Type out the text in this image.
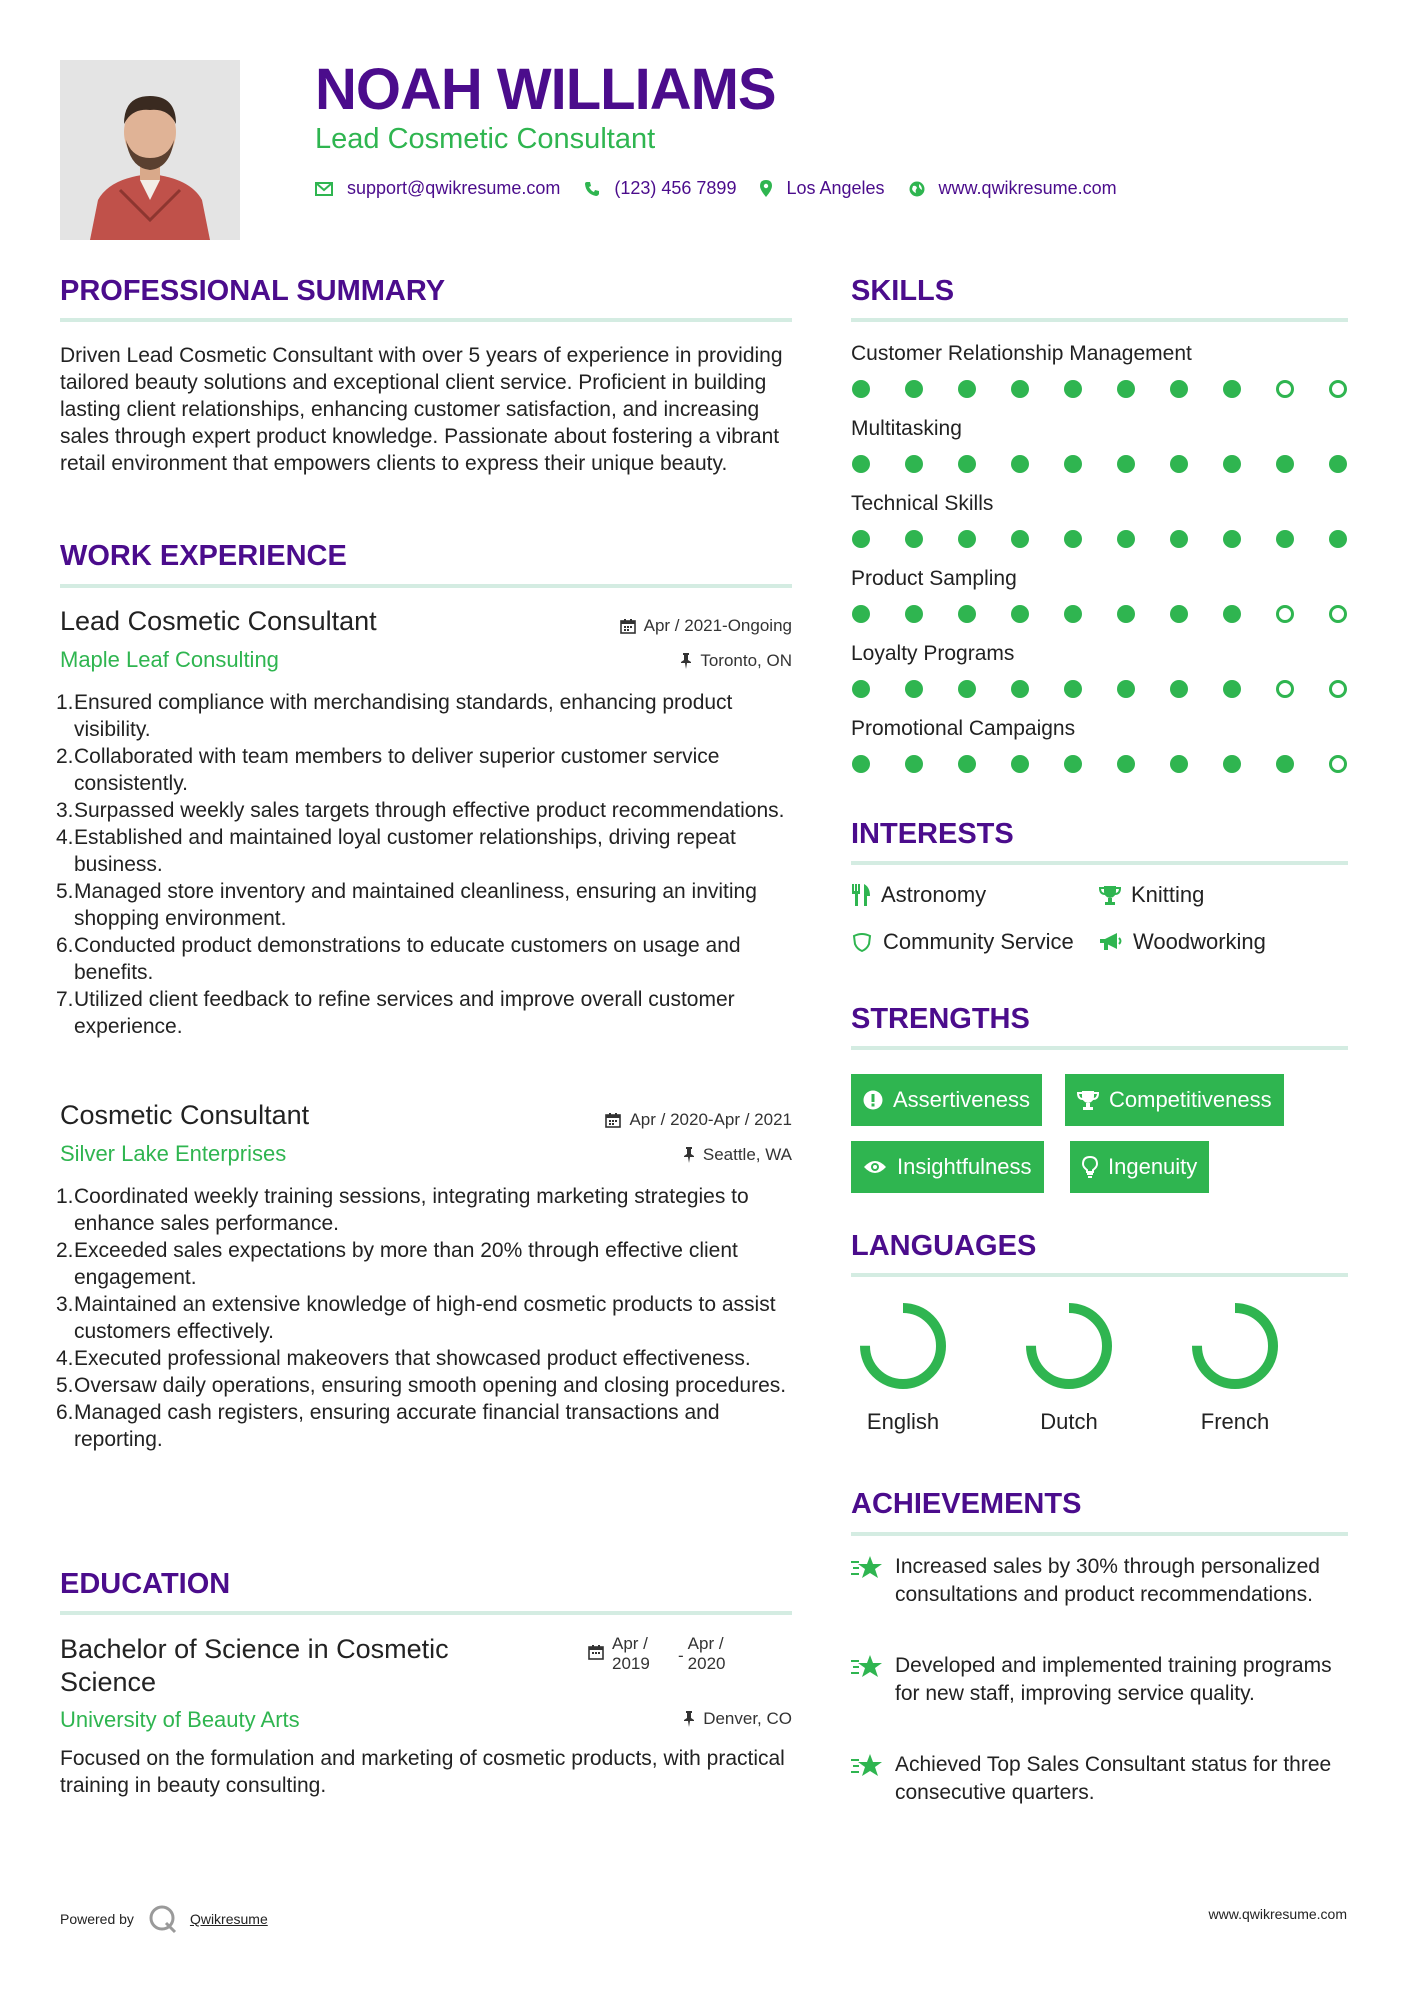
NOAH WILLIAMS
Lead Cosmetic Consultant
support@qwikresume.com	(123) 456 7899	Los Angeles	www.qwikresume.com
PROFESSIONAL SUMMARY
Driven Lead Cosmetic Consultant with over 5 years of experience in providing tailored beauty solutions and exceptional client service. Proficient in building lasting client relationships, enhancing customer satisfaction, and increasing sales through expert product knowledge. Passionate about fostering a vibrant retail environment that empowers clients to express their unique beauty.
WORK EXPERIENCE
Lead Cosmetic Consultant	Apr / 2021-Ongoing
Maple Leaf Consulting	Toronto, ON
1. Ensured compliance with merchandising standards, enhancing product visibility.
2. Collaborated with team members to deliver superior customer service consistently.
3. Surpassed weekly sales targets through effective product recommendations.
4. Established and maintained loyal customer relationships, driving repeat business.
5. Managed store inventory and maintained cleanliness, ensuring an inviting shopping environment.
6. Conducted product demonstrations to educate customers on usage and benefits.
7. Utilized client feedback to refine services and improve overall customer experience.
Cosmetic Consultant	Apr / 2020-Apr / 2021
Silver Lake Enterprises	Seattle, WA
1. Coordinated weekly training sessions, integrating marketing strategies to enhance sales performance.
2. Exceeded sales expectations by more than 20% through effective client engagement.
3. Maintained an extensive knowledge of high-end cosmetic products to assist customers effectively.
4. Executed professional makeovers that showcased product effectiveness.
5. Oversaw daily operations, ensuring smooth opening and closing procedures.
6. Managed cash registers, ensuring accurate financial transactions and reporting.
EDUCATION
Bachelor of Science in Cosmetic Science
Apr / 2019	-
Apr / 2020
University of Beauty Arts	Denver, CO
Focused on the formulation and marketing of cosmetic products, with practical training in beauty consulting.
SKILLS
Customer Relationship Management
Multitasking
Technical Skills
Product Sampling
Loyalty Programs
Promotional Campaigns
INTERESTS
Astronomy	Knitting
Community Service	Woodworking
STRENGTHS
Assertiveness	Competitiveness
Insightfulness	Ingenuity
LANGUAGES
English	Dutch	French
ACHIEVEMENTS
Increased sales by 30% through personalized consultations and product recommendations.
Developed and implemented training programs for new staff, improving service quality.
Achieved Top Sales Consultant status for three consecutive quarters.
Powered by	Qwikresume	www.qwikresume.com
